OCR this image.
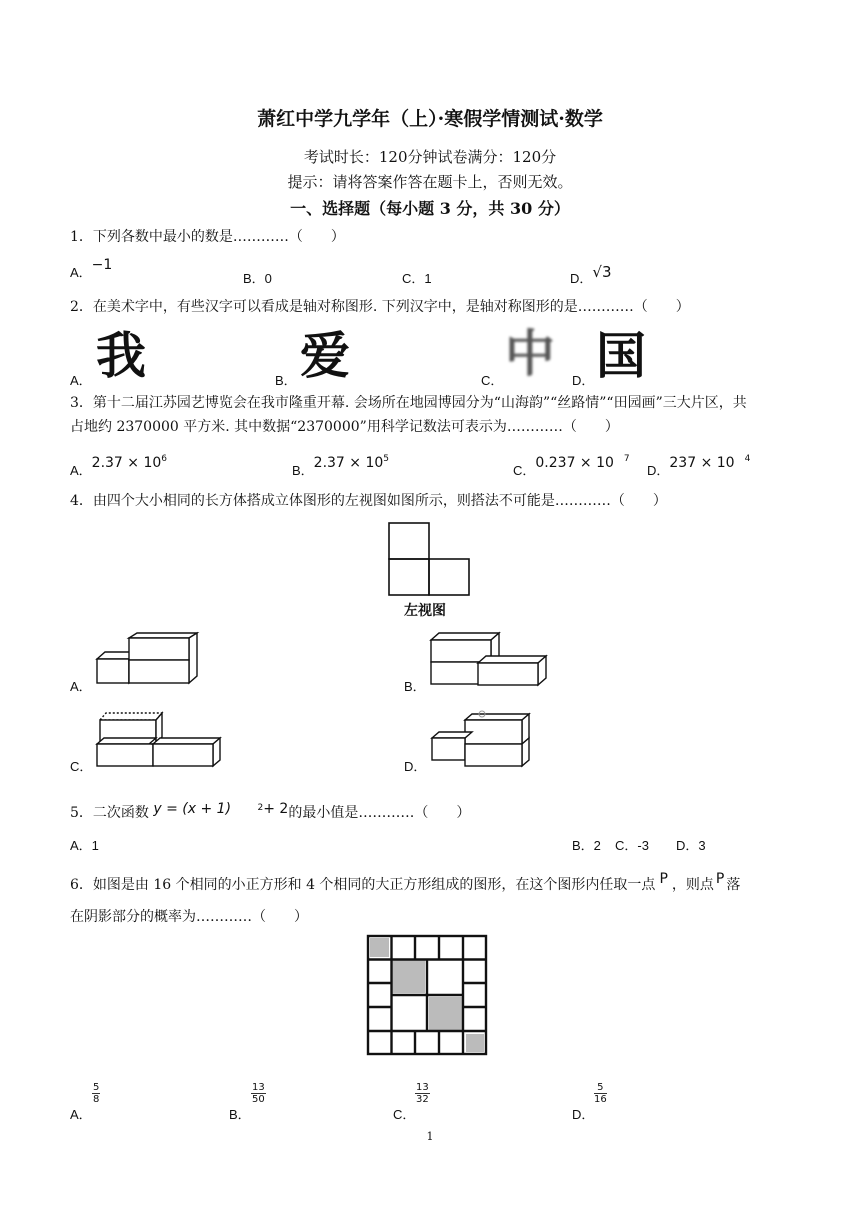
萧红中学九学年（上）·寒假学情测试·数学
考试时长：120分钟试卷满分：120分
提示：请将答案作答在题卡上，否则无效。
一、选择题（每小题 3 分，共 30 分）
1．下列各数中最小的数是…………（　　）
A．−1
B．0	C．1	D．√3
2．在美术字中，有些汉字可以看成是轴对称图形. 下列汉字中，是轴对称图形的是…………（　　）
A． 我	B． 爱	C． 中 D． 国
3．第十二届江苏园艺博览会在我市隆重开幕. 会场所在地园博园分为“山海韵”“丝路情”“田园画”三大片区，共
占地约 2370000 平方米. 其中数据“2370000”用科学记数法可表示为…………（　　）
A．$2.37 \times 10^6$
B．$2.37 \times 10^5$
C．0.237 × 10 $^7$
D．237 × 10 $^4$
4．由四个大小相同的长方体搭成立体图形的左视图如图所示，则搭法不可能是…………（　　）
左视图
A．	B．
C．	D．
5．二次函数 y = (x + 1)	$^2$+ 2的最小值是…………（　　）
A．1	B．2 C．-3 D．3
6．如图是由 16 个相同的小正方形和 4 个相同的大正方形组成的图形，在这个图形内任取一点 P ，则点 P 落
在阴影部分的概率为…………（　　）
A．
$\frac{5}{8}$
B．
$\frac{13}{50}$
C．
$\frac{13}{32}$
D．
$\frac{5}{16}$
1
